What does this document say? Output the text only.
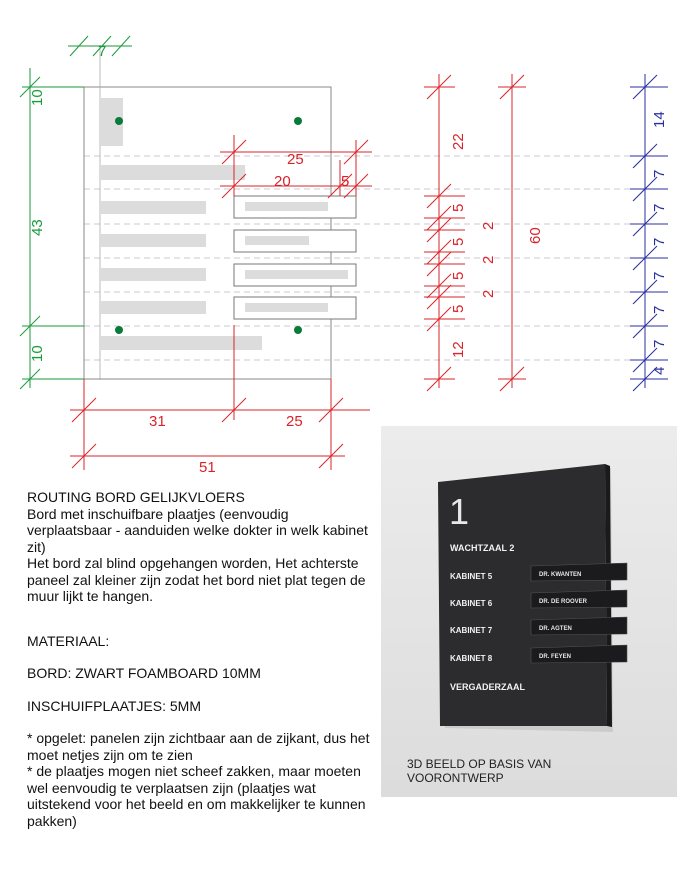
7
10
43
10
25
20	5
31	25
51
22
5
5
5
5
2
2
2
12
60
14
7
7
7
7
7
7
4
1
WACHTZAAL 2
KABINET 5
KABINET 6
KABINET 7
KABINET 8
VERGADERZAAL
DR. KWANTEN
DR. DE ROOVER
DR. AGTEN
DR. FEYEN
3D BEELD OP BASIS VAN
VOORONTWERP

ROUTING BORD GELIJKVLOERS

Bord met inschuifbare plaatjes (eenvoudig verplaatsbaar - aanduiden welke dokter in welk kabinet zit)

Het bord zal blind opgehangen worden, Het achterste paneel zal kleiner zijn zodat het bord niet plat tegen de muur lijkt te hangen.

MATERIAAL:

BORD: ZWART FOAMBOARD 10MM

INSCHUIFPLAATJES: 5MM

* opgelet: panelen zijn zichtbaar aan de zijkant, dus het moet netjes zijn om te zien

* de plaatjes mogen niet scheef zakken, maar moeten wel eenvoudig te verplaatsen zijn (plaatjes wat uitstekend voor het beeld en om makkelijker te kunnen pakken)
